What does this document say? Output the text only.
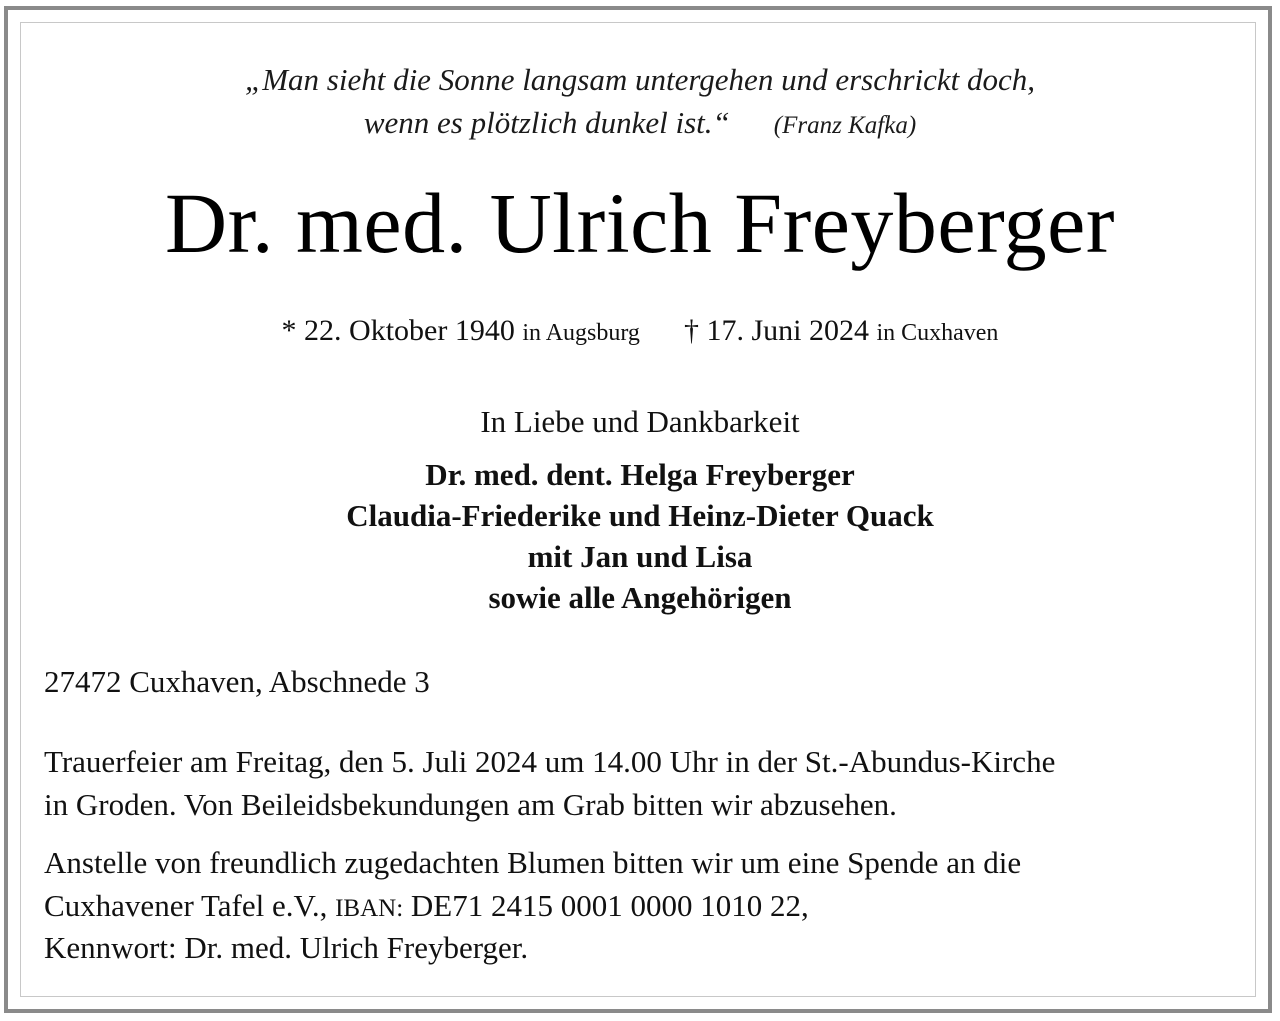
„Man sieht die Sonne langsam untergehen und erschrickt doch,
wenn es plötzlich dunkel ist.“ (Franz Kafka)
Dr. med. Ulrich Freyberger
* 22. Oktober 1940 in Augsburg † 17. Juni 2024 in Cuxhaven
In Liebe und Dankbarkeit
Dr. med. dent. Helga Freyberger
Claudia-Friederike und Heinz-Dieter Quack
mit Jan und Lisa
sowie alle Angehörigen
27472 Cuxhaven, Abschnede 3
Trauerfeier am Freitag, den 5. Juli 2024 um 14.00 Uhr in der St.-Abundus-Kirche
in Groden. Von Beileidsbekundungen am Grab bitten wir abzusehen.
Anstelle von freundlich zugedachten Blumen bitten wir um eine Spende an die
Cuxhavener Tafel e.V., IBAN: DE71 2415 0001 0000 1010 22,
Kennwort: Dr. med. Ulrich Freyberger.
